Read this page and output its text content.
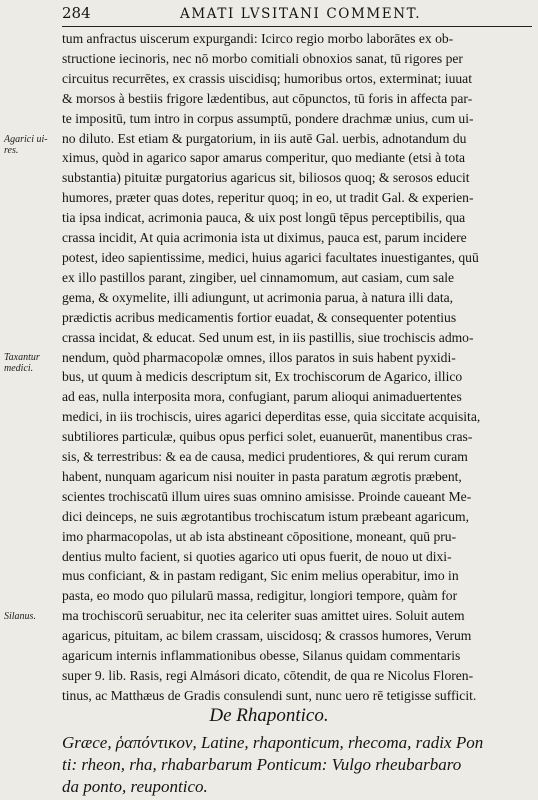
284	AMATI LVSITANI COMMENT.
Agarici ui-res.
Taxantur medici.
Silanus.
tum anfractus uiscerum expurgandi: Icirco regio morbo laborātes ex ob-
structione iecinoris, nec nō morbo comitiali obnoxios sanat, tū rigores per
circuitus recurrētes, ex crassis uiscidisq; humoribus ortos, exterminat; iuuat
& morsos à bestiis frigore lædentibus, aut cōpunctos, tū foris in affecta par-
te impositū, tum intro in corpus assumptū, pondere drachmæ unius, cum ui-
no diluto. Est etiam & purgatorium, in iis autē Gal. uerbis, adnotandum du
ximus, quòd in agarico sapor amarus comperitur, quo mediante (etsi à tota
substantia) pituitæ purgatorius agaricus sit, biliosos quoq; & serosos educit
humores, præter quas dotes, reperitur quoq; in eo, ut tradit Gal. & experien-
tia ipsa indicat, acrimonia pauca, & uix post longū tēpus perceptibilis, qua
crassa incidit, At quia acrimonia ista ut diximus, pauca est, parum incidere
potest, ideo sapientissime, medici, huius agarici facultates inuestigantes, quū
ex illo pastillos parant, zingiber, uel cinnamomum, aut casiam, cum sale
gema, & oxymelite, illi adiungunt, ut acrimonia parua, à natura illi data,
prædictis acribus medicamentis fortior euadat, & consequenter potentius
crassa incidat, & educat. Sed unum est, in iis pastillis, siue trochiscis admo-
nendum, quòd pharmacopolæ omnes, illos paratos in suis habent pyxidi-
bus, ut quum à medicis descriptum sit, Ex trochiscorum de Agarico, illico
ad eas, nulla interposita mora, confugiant, parum alioqui animaduertentes
medici, in iis trochiscis, uires agarici deperditas esse, quia siccitate acquisita,
subtiliores particulæ, quibus opus perfici solet, euanuerūt, manentibus cras-
sis, & terrestribus: & ea de causa, medici prudentiores, & qui rerum curam
habent, nunquam agaricum nisi nouiter in pasta paratum ægrotis præbent,
scientes trochiscatū illum uires suas omnino amisisse. Proinde caueant Me-
dici deinceps, ne suis ægrotantibus trochiscatum istum præbeant agaricum,
imo pharmacopolas, ut ab ista abstineant cōpositione, moneant, quū pru-
dentius multo facient, si quoties agarico uti opus fuerit, de nouo ut dixi-
mus conficiant, & in pastam redigant, Sic enim melius operabitur, imo in
pasta, eo modo quo pilularū massa, redigitur, longiori tempore, quàm for
ma trochiscorū seruabitur, nec ita celeriter suas amittet uires. Soluit autem
agaricus, pituitam, ac bilem crassam, uiscidosq; & crassos humores, Verum
agaricum internis inflammationibus obesse, Silanus quidam commentaris
super 9. lib. Rasis, regi Almásori dicato, cōtendit, de qua re Nicolus Floren-
tinus, ac Matthæus de Gradis consulendi sunt, nunc uero rē tetigisse sufficit.
De Rhapontico.
Græce, ῥαπόντικον, Latine, rhaponticum, rhecoma, radix Pon
ti: rheon, rha, rhabarbarum Ponticum: Vulgo rheubarbaro
da ponto, reupontico.
